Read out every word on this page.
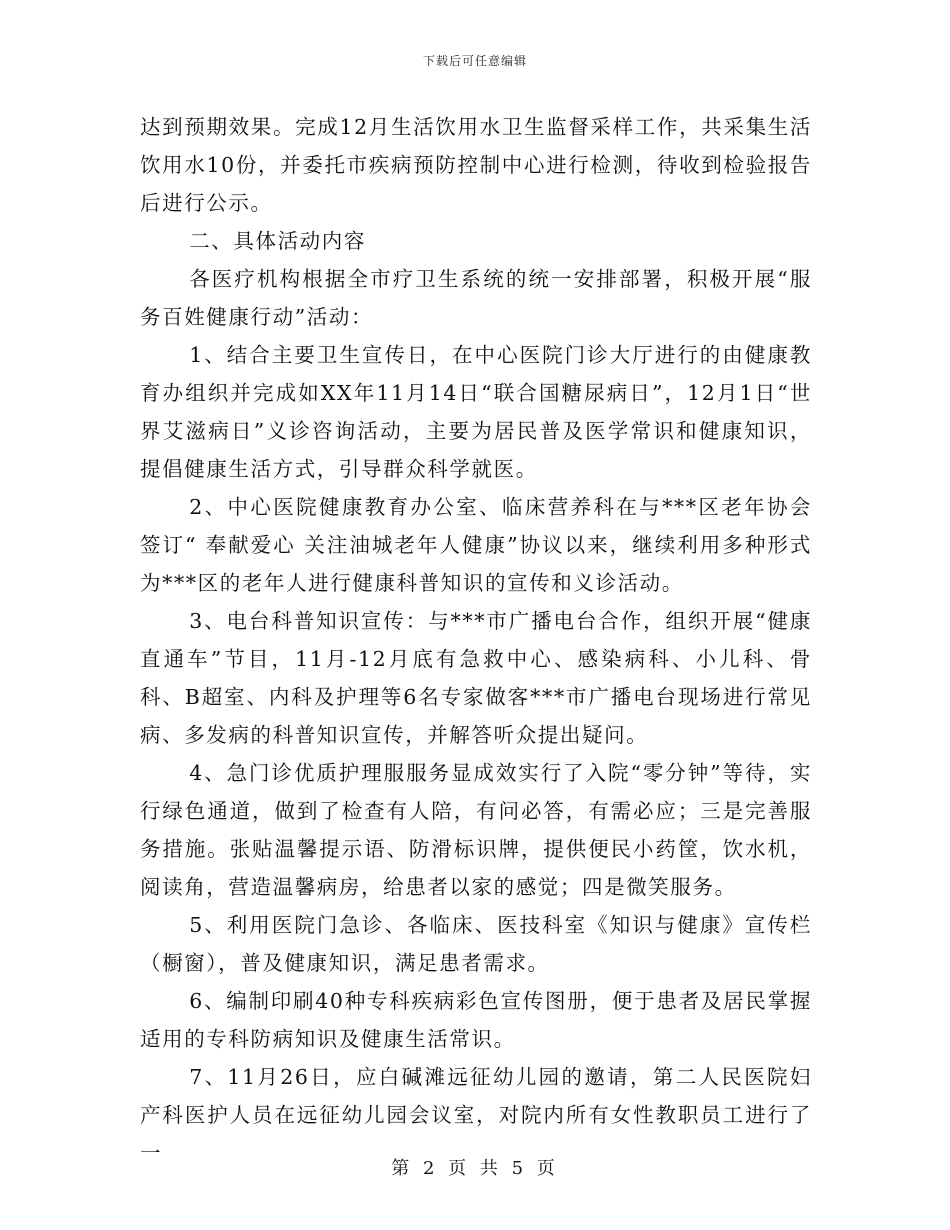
下载后可任意编辑

达到预期效果。完成12月生活饮用水卫生监督采样工作，共采集生活饮用水10份，并委托市疾病预防控制中心进行检测，待收到检验报告后进行公示。

二、具体活动内容

各医疗机构根据全市疗卫生系统的统一安排部署，积极开展“服务百姓健康行动”活动：

1、结合主要卫生宣传日，在中心医院门诊大厅进行的由健康教育办组织并完成如XX年11月14日“联合国糖尿病日”，12月1日“世界艾滋病日”义诊咨询活动，主要为居民普及医学常识和健康知识，提倡健康生活方式，引导群众科学就医。

2、中心医院健康教育办公室、临床营养科在与***区老年协会签订“ 奉献爱心 关注油城老年人健康”协议以来，继续利用多种形式为***区的老年人进行健康科普知识的宣传和义诊活动。

3、电台科普知识宣传：与***市广播电台合作，组织开展“健康直通车”节目，11月-12月底有急救中心、感染病科、小儿科、骨科、B超室、内科及护理等6名专家做客***市广播电台现场进行常见病、多发病的科普知识宣传，并解答听众提出疑问。

4、急门诊优质护理服服务显成效实行了入院“零分钟”等待，实行绿色通道，做到了检查有人陪，有问必答，有需必应；三是完善服务措施。张贴温馨提示语、防滑标识牌，提供便民小药筐，饮水机，阅读角，营造温馨病房，给患者以家的感觉；四是微笑服务。

5、利用医院门急诊、各临床、医技科室《知识与健康》宣传栏（橱窗），普及健康知识，满足患者需求。

6、编制印刷40种专科疾病彩色宣传图册，便于患者及居民掌握适用的专科防病知识及健康生活常识。

7、11月26日，应白碱滩远征幼儿园的邀请，第二人民医院妇产科医护人员在远征幼儿园会议室，对院内所有女性教职员工进行了一

第 2 页 共 5 页
